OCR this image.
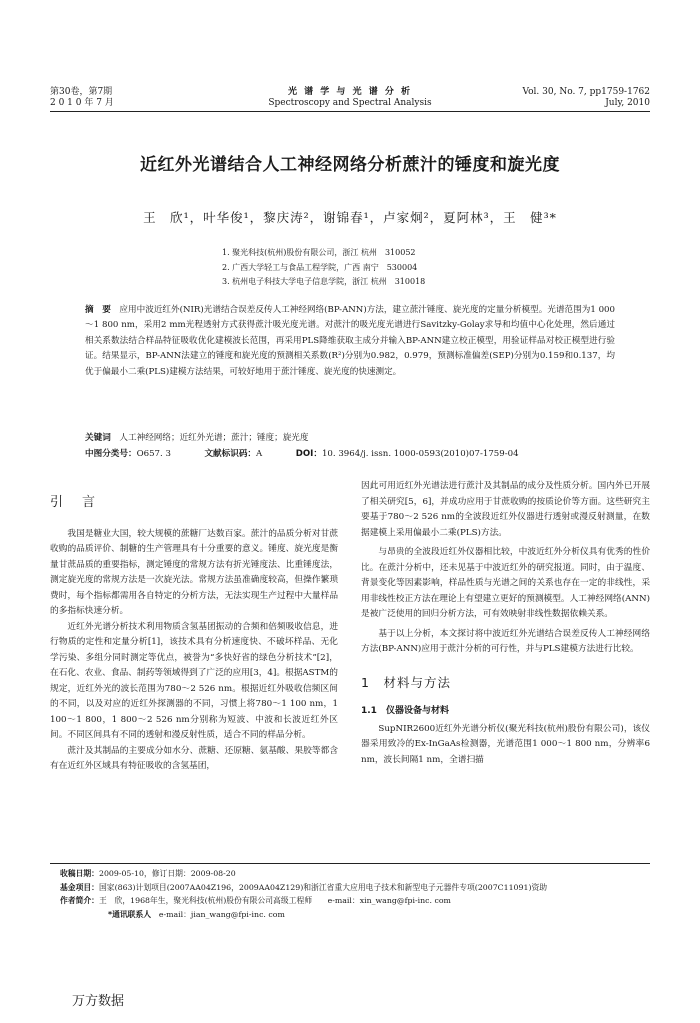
第30卷，第7期
2 0 1 0 年 7 月
光 谱 学 与 光 谱 分 析
Spectroscopy and Spectral Analysis
Vol. 30, No. 7, pp1759-1762
July, 2010
近红外光谱结合人工神经网络分析蔗汁的锤度和旋光度
王　欣¹，叶华俊¹，黎庆涛²，谢锦春¹，卢家炯²，夏阿林³，王　健³*
1. 聚光科技(杭州)股份有限公司，浙江 杭州　310052
2. 广西大学轻工与食品工程学院，广西 南宁　530004
3. 杭州电子科技大学电子信息学院，浙江 杭州　310018
摘　要　 应用中波近红外(NIR)光谱结合误差反传人工神经网络(BP-ANN)方法，建立蔗汁锤度、旋光度的定量分析模型。光谱范围为1 000～1 800 nm，采用2 mm光程透射方式获得蔗汁吸光度光谱。对蔗汁的吸光度光谱进行Savitzky-Golay求导和均值中心化处理，然后通过相关系数法结合样品特征吸收优化建模波长范围，再采用PLS降维获取主成分并输入BP-ANN建立校正模型，用验证样品对校正模型进行验证。结果显示，BP-ANN法建立的锤度和旋光度的预测相关系数(R²)分别为0.982，0.979，预测标准偏差(SEP)分别为0.159和0.137，均优于偏最小二乘(PLS)建模方法结果，可较好地用于蔗汁锤度、旋光度的快速测定。
关键词　 人工神经网络；近红外光谱；蔗汁；锤度；旋光度
中图分类号：O657. 3	文献标识码：A	DOI：10. 3964/j. issn. 1000-0593(2010)07-1759-04
引　言

我国是糖业大国，较大规模的蔗糖厂达数百家。蔗汁的品质分析对甘蔗收购的品质评价、制糖的生产管理具有十分重要的意义。锤度、旋光度是衡量甘蔗品质的重要指标，测定锤度的常规方法有折光锤度法、比重锤度法，测定旋光度的常规方法是一次旋光法。常规方法虽准确度较高，但操作繁琐费时，每个指标都需用各自特定的分析方法，无法实现生产过程中大量样品的多指标快速分析。

近红外光谱分析技术利用物质含氢基团振动的合频和倍频吸收信息，进行物质的定性和定量分析[1]，该技术具有分析速度快、不破坏样品、无化学污染、多组分同时测定等优点，被誉为“多快好省的绿色分析技术”[2]，在石化、农业、食品、制药等领域得到了广泛的应用[3，4]。根据ASTM的规定，近红外光的波长范围为780～2 526 nm。根据近红外吸收信频区间的不同，以及对应的近红外探测器的不同，习惯上将780～1 100 nm，1 100～1 800，1 800～2 526 nm分别称为短波、中波和长波近红外区间。不同区间具有不同的透射和漫反射性质，适合不同的样品分析。

蔗汁及其制品的主要成分如水分、蔗糖、还原糖、氨基酸、果胶等都含有在近红外区域具有特征吸收的含氢基团，

因此可用近红外光谱法进行蔗汁及其制品的成分及性质分析。国内外已开展了相关研究[5，6]，并成功应用于甘蔗收购的按质论价等方面。这些研究主要基于780～2 526 nm的全波段近红外仪器进行透射或漫反射测量，在数据建模上采用偏最小二乘(PLS)方法。

与昂贵的全波段近红外仪器相比较，中波近红外分析仪具有优秀的性价比。在蔗汁分析中，还未见基于中波近红外的研究报道。同时，由于温度、背景变化等因素影响，样品性质与光谱之间的关系也存在一定的非线性，采用非线性校正方法在理论上有望建立更好的预测模型。人工神经网络(ANN)是被广泛使用的回归分析方法，可有效映射非线性数据依赖关系。

基于以上分析，本文探讨将中波近红外光谱结合误差反传人工神经网络方法(BP-ANN)应用于蔗汁分析的可行性，并与PLS建模方法进行比较。

1　材料与方法
1.1　仪器设备与材料

SupNIR2600近红外光谱分析仪(聚光科技(杭州)股份有限公司)，该仪器采用致冷的Ex-InGaAs检测器，光谱范围1 000～1 800 nm，分辨率6 nm，波长间隔1 nm，全谱扫描

收稿日期：2009-05-10，修订日期：2009-08-20
基金项目：国家(863)计划项目(2007AA04Z196，2009AA04Z129)和浙江省重大应用电子技术和新型电子元器件专项(2007C11091)资助
作者简介：王　欣，1968年生，聚光科技(杭州)股份有限公司高级工程师　　e-mail：xin_wang@fpi-inc. com
*通讯联系人　 e-mail：jian_wang@fpi-inc. com
万方数据
